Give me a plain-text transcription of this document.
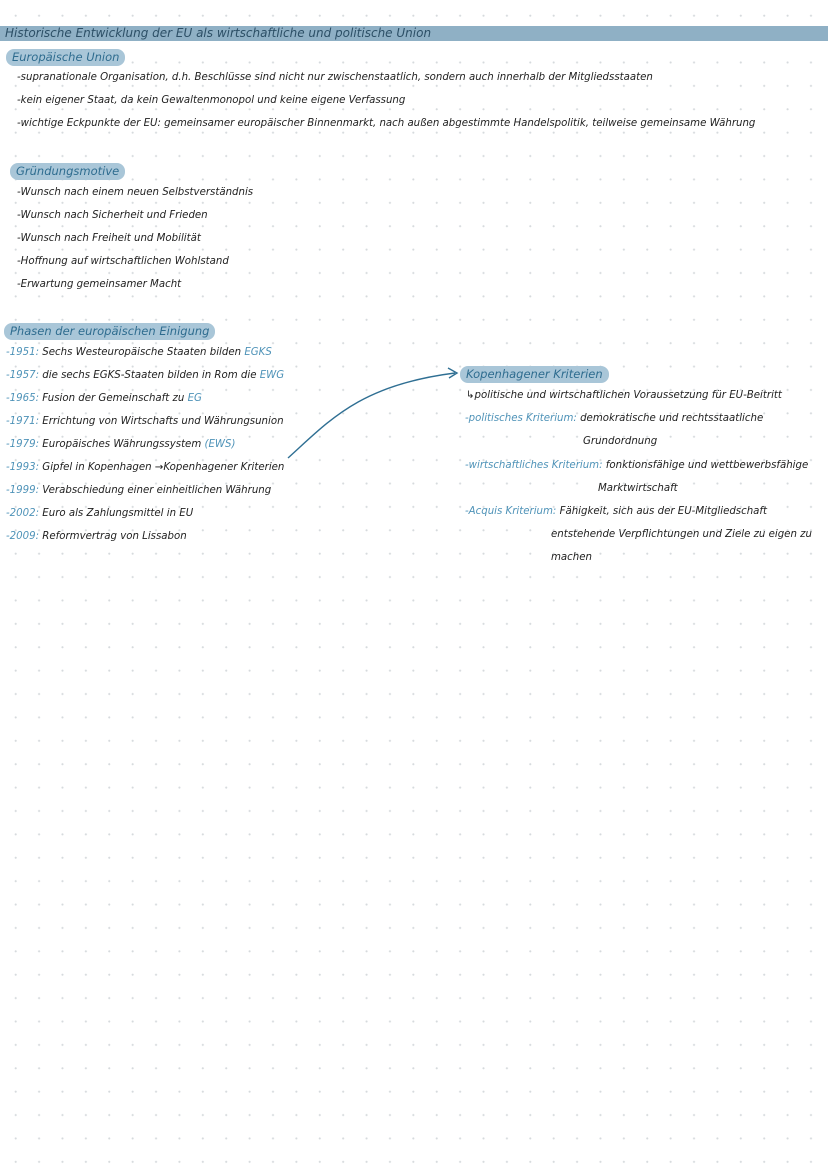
Historische Entwicklung der EU als wirtschaftliche und politische Union
Europäische Union
-supranationale Organisation, d.h. Beschlüsse sind nicht nur zwischenstaatlich, sondern auch innerhalb der Mitgliedsstaaten
-kein eigener Staat, da kein Gewaltenmonopol und keine eigene Verfassung
-wichtige Eckpunkte der EU: gemeinsamer europäischer Binnenmarkt, nach außen abgestimmte Handelspolitik, teilweise gemeinsame Währung
Gründungsmotive
-Wunsch nach einem neuen Selbstverständnis
-Wunsch nach Sicherheit und Frieden
-Wunsch nach Freiheit und Mobilität
-Hoffnung auf wirtschaftlichen Wohlstand
-Erwartung gemeinsamer Macht
Phasen der europäischen Einigung
-1951: Sechs Westeuropäische Staaten bilden EGKS
-1957: die sechs EGKS-Staaten bilden in Rom die EWG
-1965: Fusion der Gemeinschaft zu EG
-1971: Errichtung von Wirtschafts und Währungsunion
-1979: Europäisches Währungssystem (EWS)
-1993: Gipfel in Kopenhagen →Kopenhagener Kriterien
-1999: Verabschiedung einer einheitlichen Währung
-2002: Euro als Zahlungsmittel in EU
-2009: Reformvertrag von Lissabon
Kopenhagener Kriterien
↳politische und wirtschaftlichen Voraussetzung für EU-Beitritt
-politisches Kriterium: demokratische und rechtsstaatliche
Grundordnung
-wirtschaftliches Kriterium: fonktionsfähige und wettbewerbsfähige
Marktwirtschaft
-Acquis Kriterium: Fähigkeit, sich aus der EU-Mitgliedschaft
entstehende Verpflichtungen und Ziele zu eigen zu
machen
